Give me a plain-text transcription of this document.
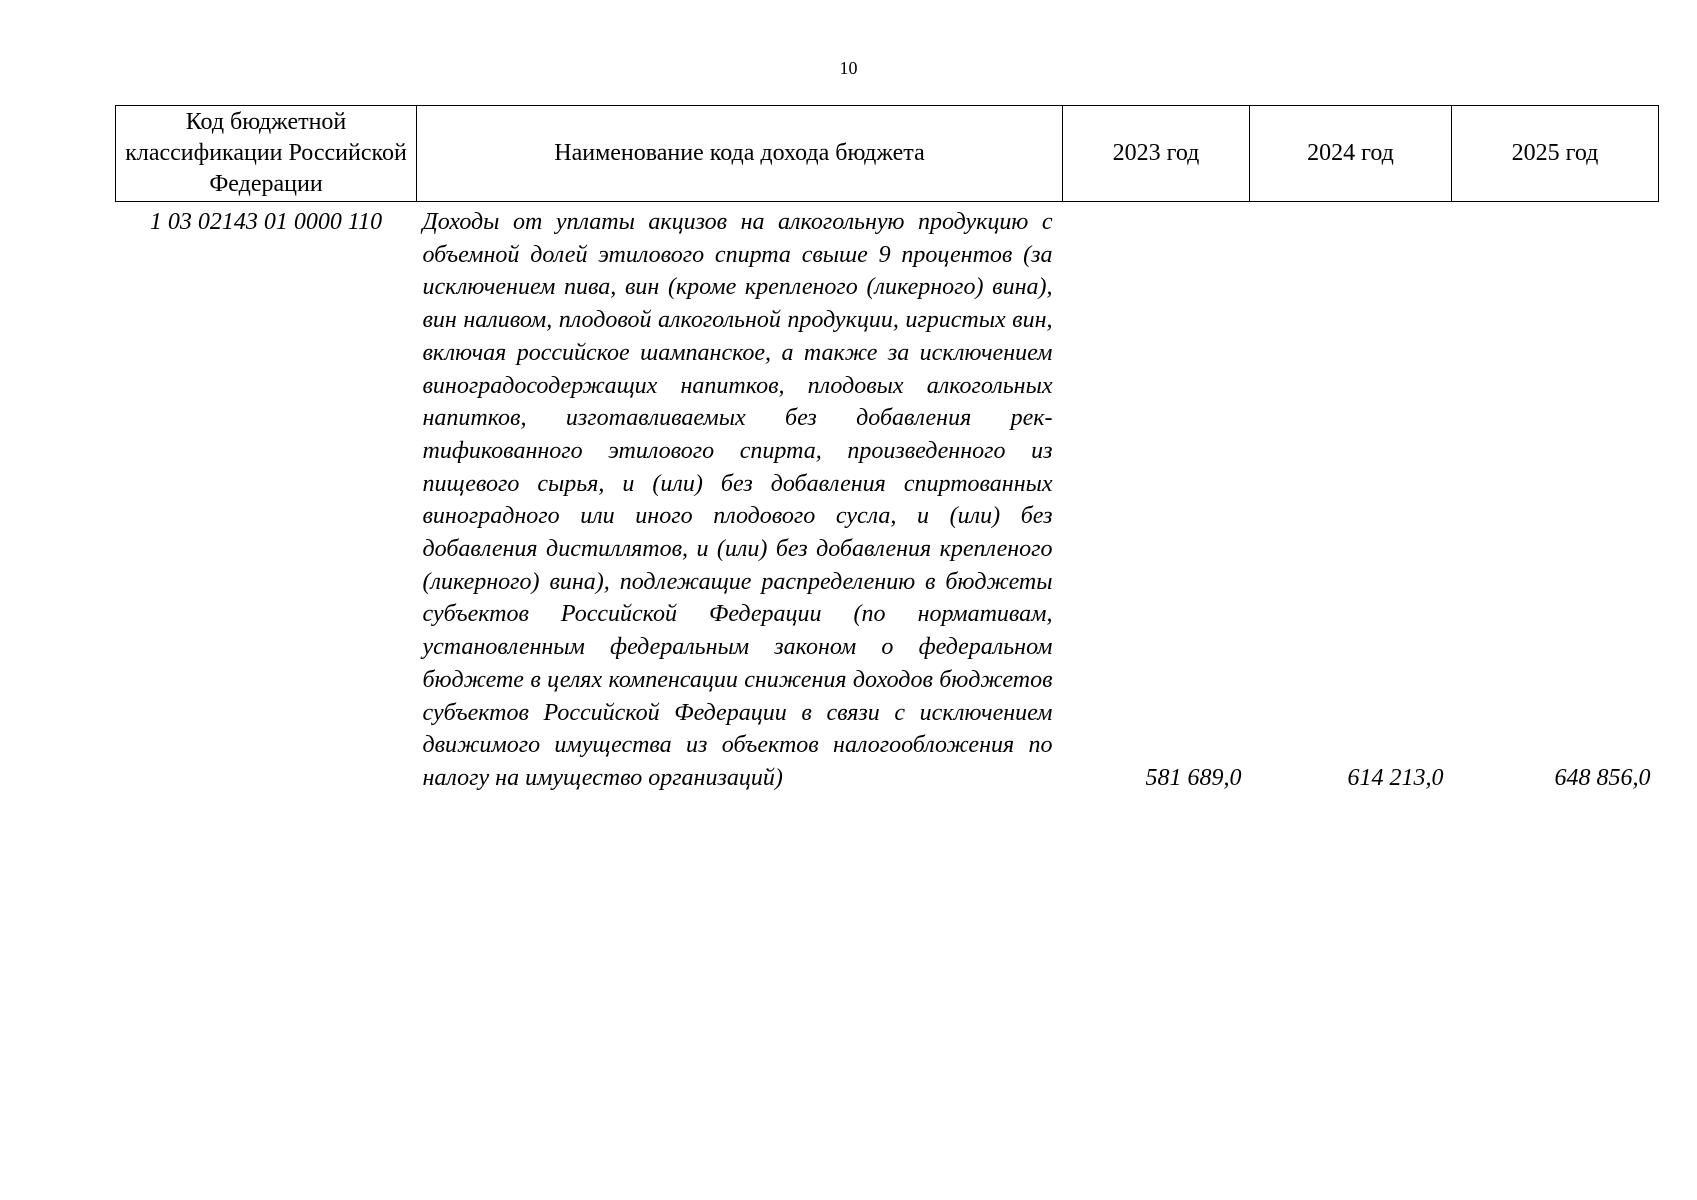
10
Код бюджетной классификации Российской Федерации	Наименование кода дохода бюджета	2023 год	2024 год	2025 год
1 03 02143 01 0000 110	Доходы от уплаты акцизов на алкогольную продукцию с объемной долей этилового спирта свыше 9 процентов (за исключением пива, вин (кроме крепленого (ликерного) вина), вин наливом, плодовой алкогольной продукции, игристых вин, включая российское шампанское, а также за исключением виноградосодержащих напитков, плодовых алкогольных напитков, изготавливаемых без добавления ректификованного этилового спирта, произведенного из пищевого сырья, и (или) без добавления спиртованных виноградного или иного плодового сусла, и (или) без добавления дистиллятов, и (или) без добавления крепленого (ликерного) вина), подлежащие распределению в бюджеты субъектов Российской Федерации (по нормативам, установленным федеральным законом о федеральном бюджете в целях компенсации снижения доходов бюджетов субъектов Российской Федерации в связи с исключением движимого имущества из объектов налогообложения по налогу на имущество организаций)	581 689,0	614 213,0	648 856,0
